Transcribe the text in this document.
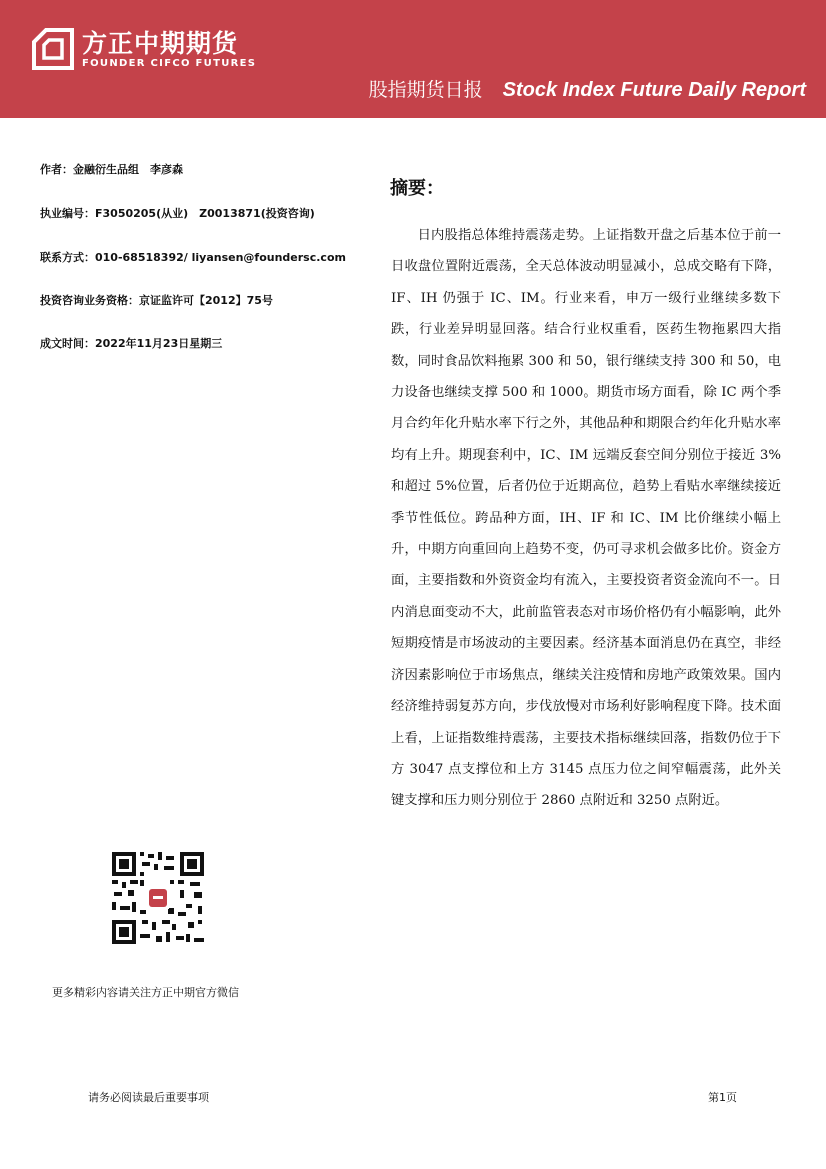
方正中期期货
FOUNDER CIFCO FUTURES
股指期货日报 Stock Index Future Daily Report
作者：金融衍生品组　李彦森
执业编号：F3050205(从业)　Z0013871(投资咨询)
联系方式：010-68518392/ liyansen@foundersc.com
投资咨询业务资格：京证监许可【2012】75号
成文时间：2022年11月23日星期三
摘要：

日内股指总体维持震荡走势。上证指数开盘之后基本位于前一日收盘位置附近震荡，全天总体波动明显减小，总成交略有下降，IF、IH 仍强于 IC、IM。行业来看，申万一级行业继续多数下跌，行业差异明显回落。结合行业权重看，医药生物拖累四大指数，同时食品饮料拖累 300 和 50，银行继续支持 300 和 50，电力设备也继续支撑 500 和 1000。期货市场方面看，除 IC 两个季月合约年化升贴水率下行之外，其他品种和期限合约年化升贴水率均有上升。期现套利中，IC、IM 远端反套空间分别位于接近 3%和超过 5%位置，后者仍位于近期高位，趋势上看贴水率继续接近季节性低位。跨品种方面，IH、IF 和 IC、IM 比价继续小幅上升，中期方向重回向上趋势不变，仍可寻求机会做多比价。资金方面，主要指数和外资资金均有流入，主要投资者资金流向不一。日内消息面变动不大，此前监管表态对市场价格仍有小幅影响，此外短期疫情是市场波动的主要因素。经济基本面消息仍在真空，非经济因素影响位于市场焦点，继续关注疫情和房地产政策效果。国内经济维持弱复苏方向，步伐放慢对市场利好影响程度下降。技术面上看，上证指数维持震荡，主要技术指标继续回落，指数仍位于下方 3047 点支撑位和上方 3145 点压力位之间窄幅震荡，此外关键支撑和压力则分别位于 2860 点附近和 3250 点附近。

更多精彩内容请关注方正中期官方微信
请务必阅读最后重要事项	第1页
